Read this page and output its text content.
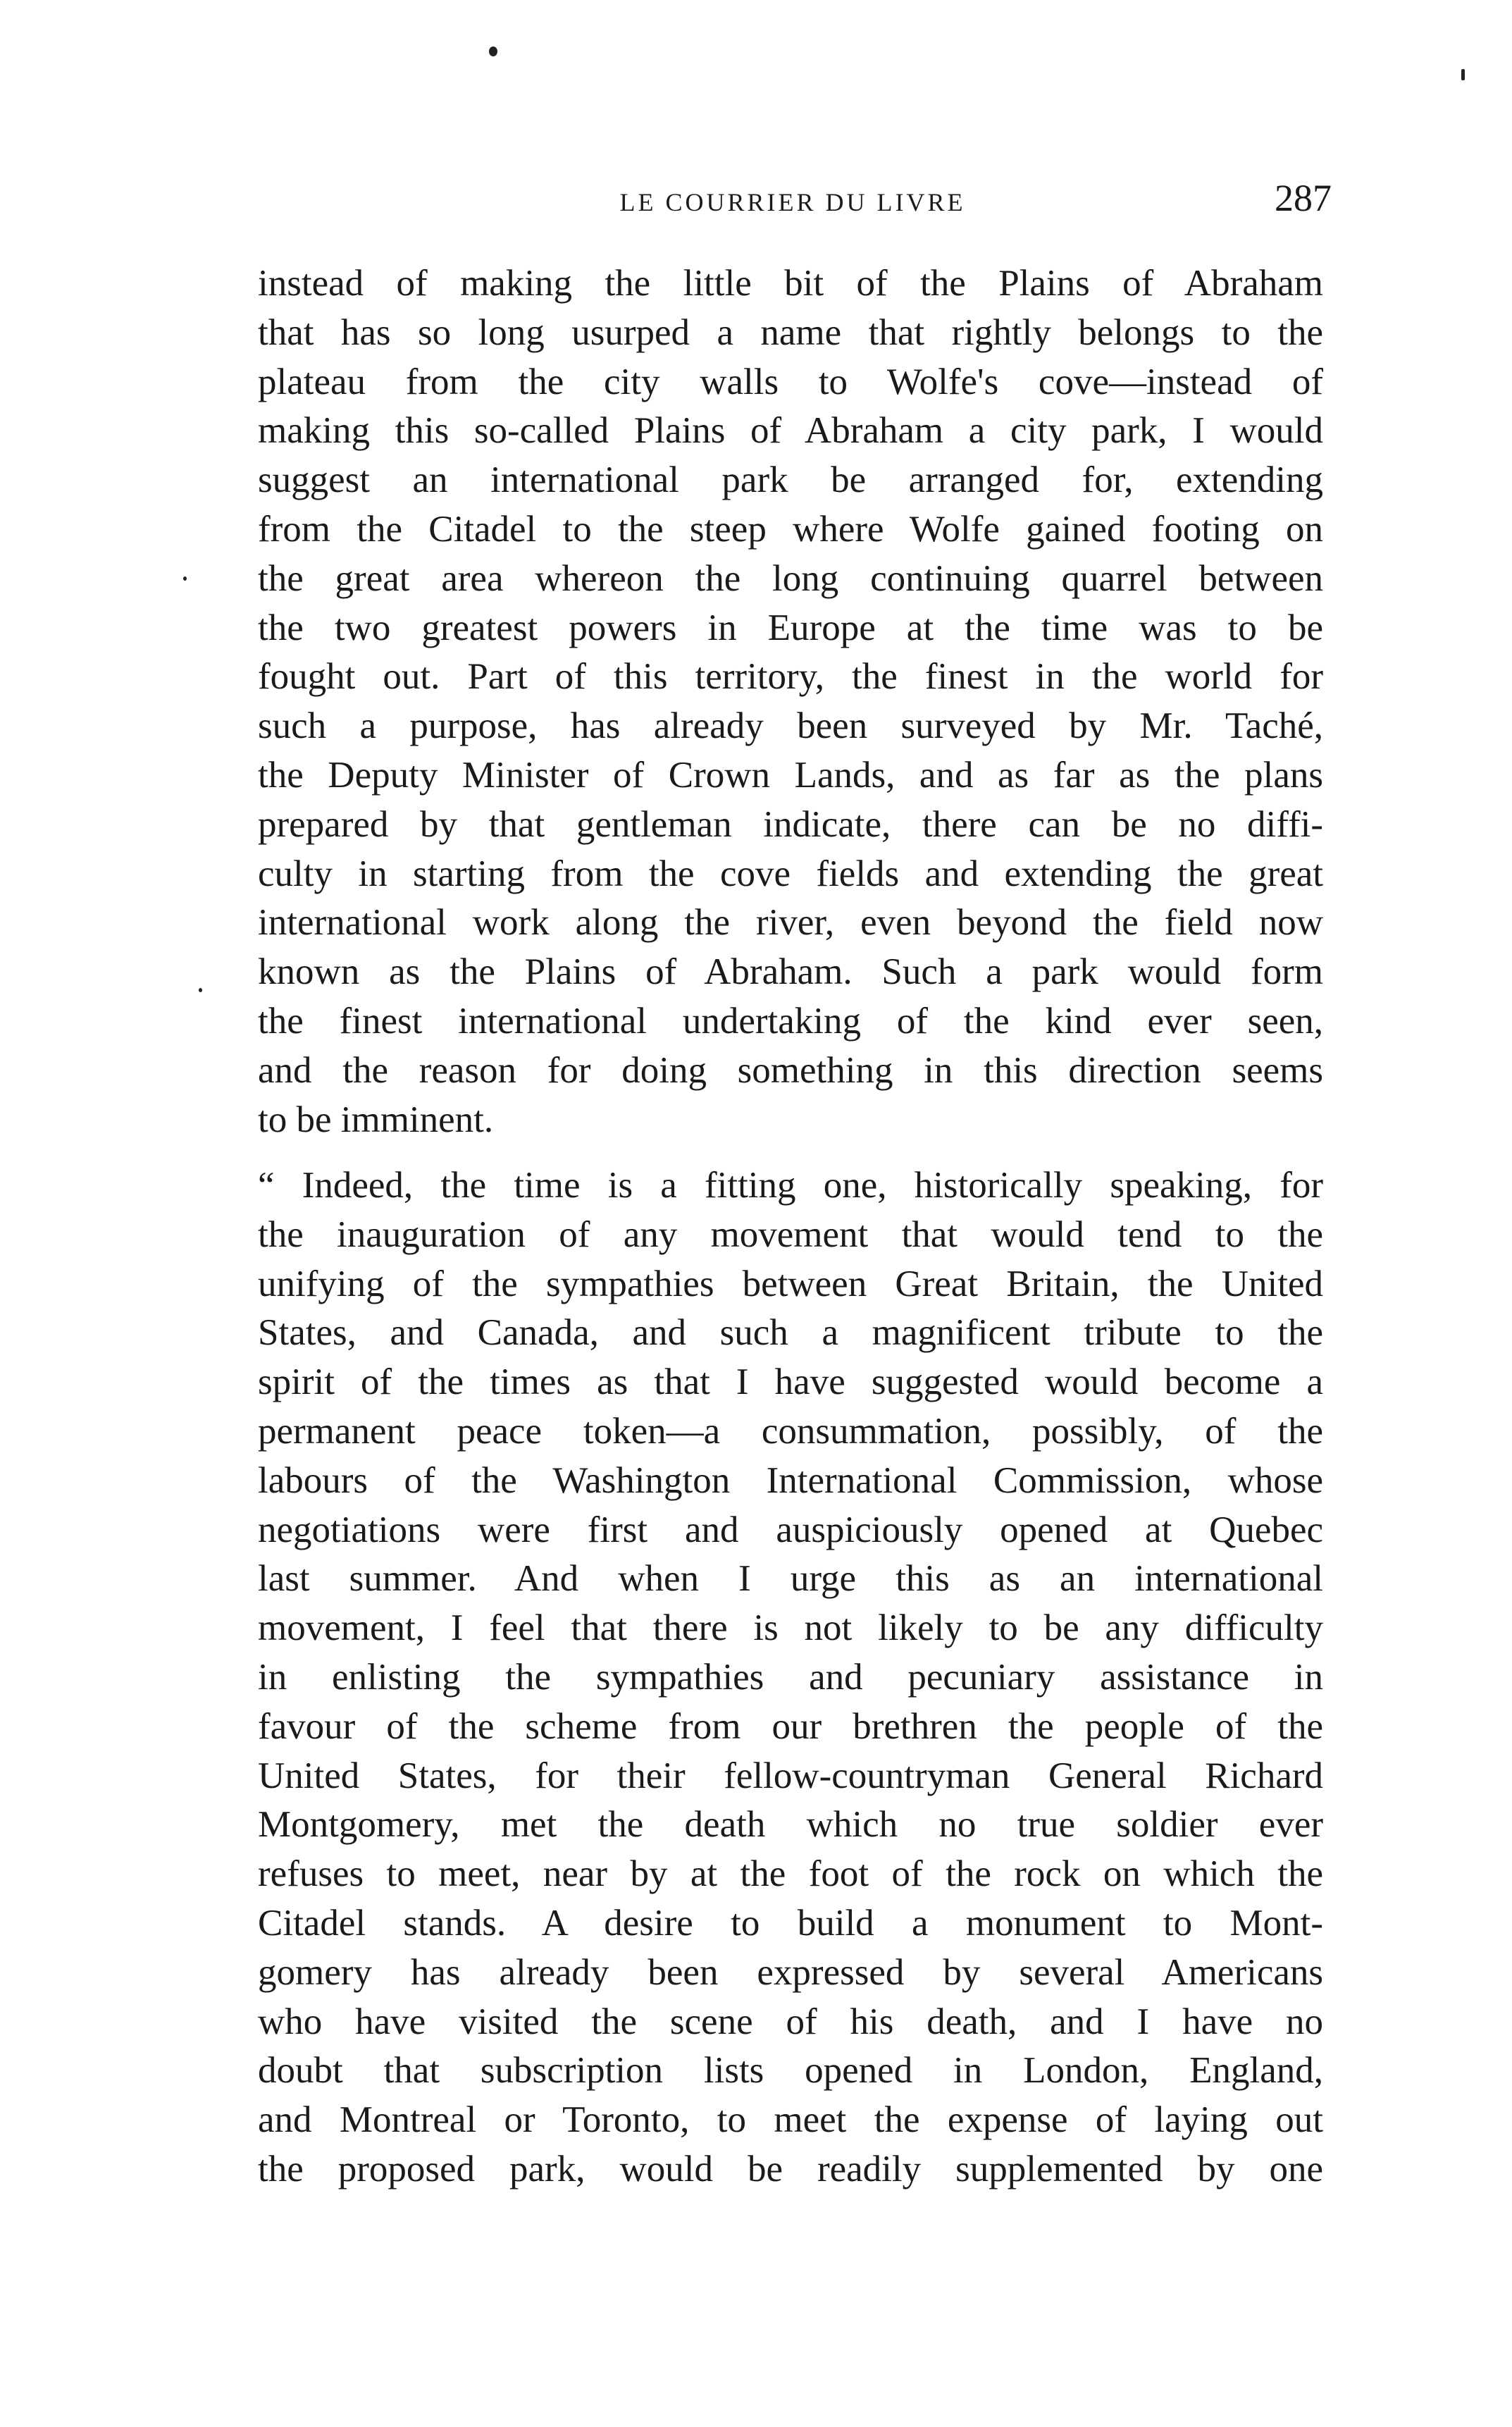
LE COURRIER DU LIVRE	287
instead of making the little bit of the Plains of Abraham
that has so long usurped a name that rightly belongs to the
plateau from the city walls to Wolfe's cove—instead of
making this so-called Plains of Abraham a city park, I would
suggest an international park be arranged for, extending
from the Citadel to the steep where Wolfe gained footing on
the great area whereon the long continuing quarrel between
the two greatest powers in Europe at the time was to be
fought out. Part of this territory, the finest in the world for
such a purpose, has already been surveyed by Mr. Taché,
the Deputy Minister of Crown Lands, and as far as the plans
prepared by that gentleman indicate, there can be no diffi-
culty in starting from the cove fields and extending the great
international work along the river, even beyond the field now
known as the Plains of Abraham. Such a park would form
the finest international undertaking of the kind ever seen,
and the reason for doing something in this direction seems
to be imminent.
“ Indeed, the time is a fitting one, historically speaking, for
the inauguration of any movement that would tend to the
unifying of the sympathies between Great Britain, the United
States, and Canada, and such a magnificent tribute to the
spirit of the times as that I have suggested would become a
permanent peace token—a consummation, possibly, of the
labours of the Washington International Commission, whose
negotiations were first and auspiciously opened at Quebec
last summer. And when I urge this as an international
movement, I feel that there is not likely to be any difficulty
in enlisting the sympathies and pecuniary assistance in
favour of the scheme from our brethren the people of the
United States, for their fellow-countryman General Richard
Montgomery, met the death which no true soldier ever
refuses to meet, near by at the foot of the rock on which the
Citadel stands. A desire to build a monument to Mont-
gomery has already been expressed by several Americans
who have visited the scene of his death, and I have no
doubt that subscription lists opened in London, England,
and Montreal or Toronto, to meet the expense of laying out
the proposed park, would be readily supplemented by one
